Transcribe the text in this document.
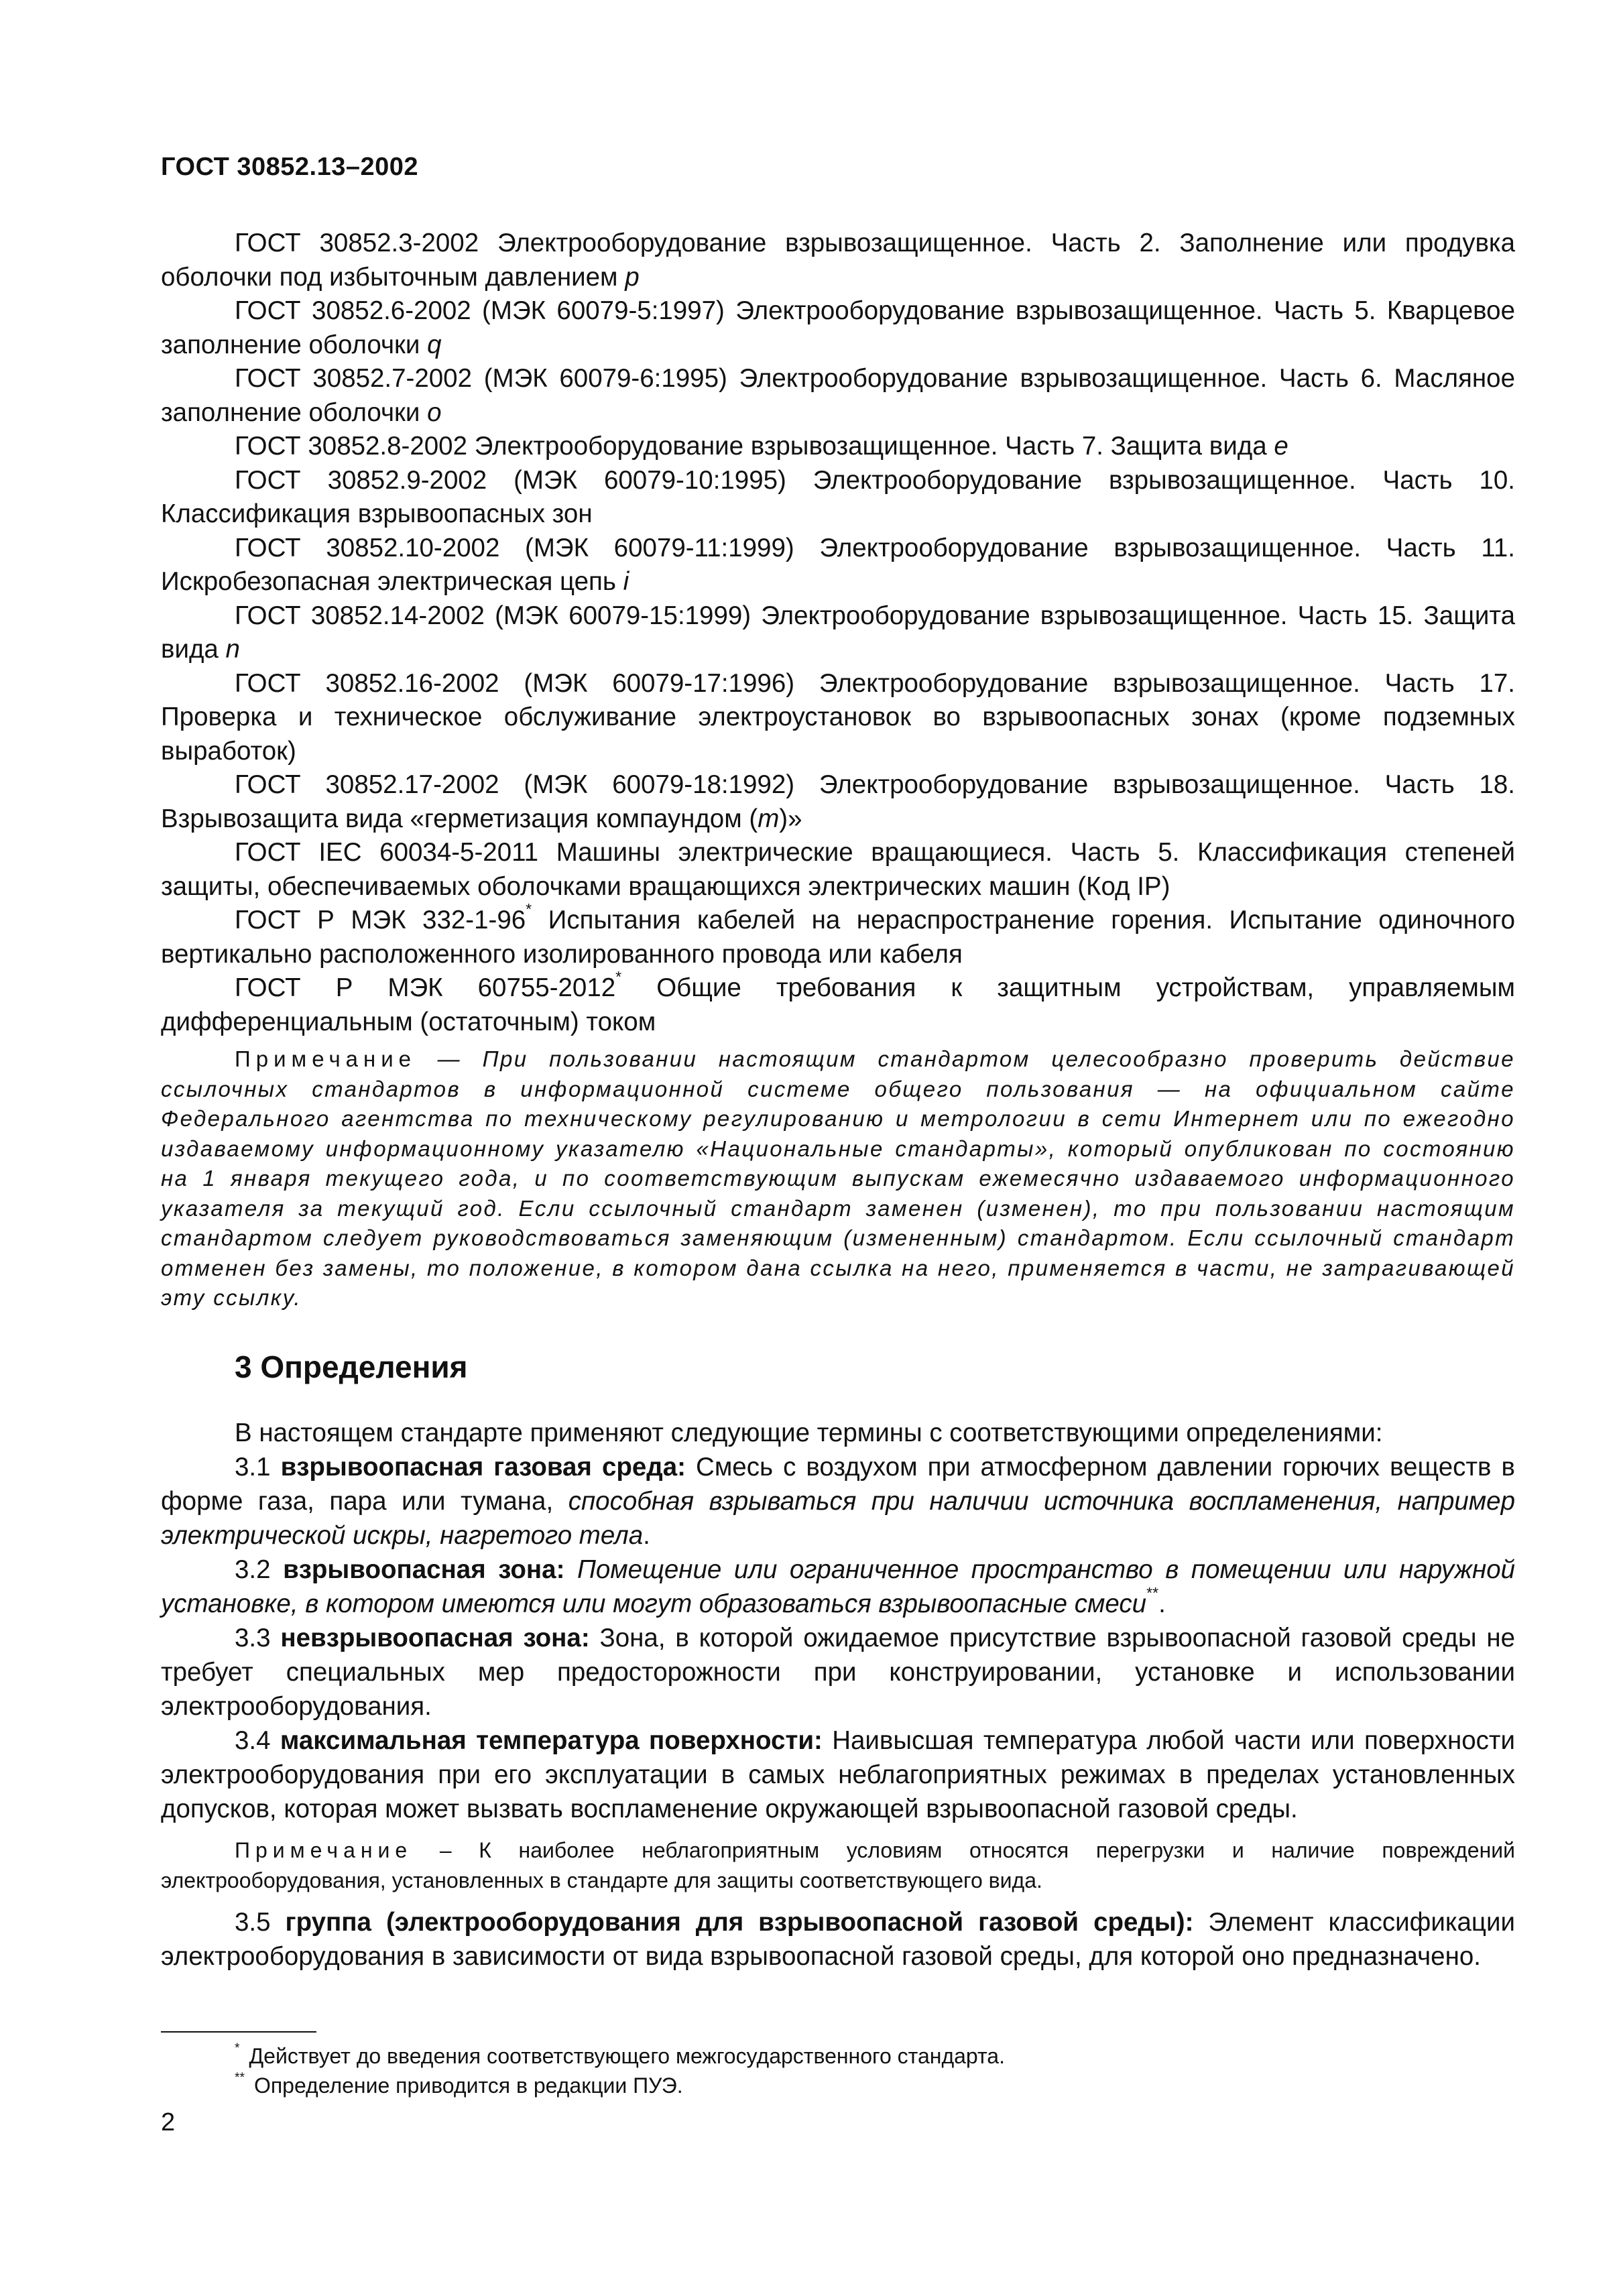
ГОСТ 30852.13–2002

ГОСТ 30852.3-2002 Электрооборудование взрывозащищенное. Часть 2. Заполнение или продувка оболочки под избыточным давлением p

ГОСТ 30852.6-2002 (МЭК 60079-5:1997) Электрооборудование взрывозащищенное. Часть 5. Кварцевое заполнение оболочки q

ГОСТ 30852.7-2002 (МЭК 60079-6:1995) Электрооборудование взрывозащищенное. Часть 6. Масляное заполнение оболочки о

ГОСТ 30852.8-2002 Электрооборудование взрывозащищенное. Часть 7. Защита вида е

ГОСТ 30852.9-2002 (МЭК 60079-10:1995) Электрооборудование взрывозащищенное. Часть 10. Классификация взрывоопасных зон

ГОСТ 30852.10-2002 (МЭК 60079-11:1999) Электрооборудование взрывозащищенное. Часть 11. Искробезопасная электрическая цепь i

ГОСТ 30852.14-2002 (МЭК 60079-15:1999) Электрооборудование взрывозащищенное. Часть 15. Защита вида n

ГОСТ 30852.16-2002 (МЭК 60079-17:1996) Электрооборудование взрывозащищенное. Часть 17. Проверка и техническое обслуживание электроустановок во взрывоопасных зонах (кроме подземных выработок)

ГОСТ 30852.17-2002 (МЭК 60079-18:1992) Электрооборудование взрывозащищенное. Часть 18. Взрывозащита вида «герметизация компаундом (m)»

ГОСТ IEC 60034-5-2011 Машины электрические вращающиеся. Часть 5. Классификация степеней защиты, обеспечиваемых оболочками вращающихся электрических машин (Код IP)

ГОСТ Р МЭК 332-1-96* Испытания кабелей на нераспространение горения. Испытание одиночного вертикально расположенного изолированного провода или кабеля

ГОСТ Р МЭК 60755-2012* Общие требования к защитным устройствам, управляемым дифференциальным (остаточным) током

Примечание — При пользовании настоящим стандартом целесообразно проверить действие ссылочных стандартов в информационной системе общего пользования — на официальном сайте Федерального агентства по техническому регулированию и метрологии в сети Интернет или по ежегодно издаваемому информационному указателю «Национальные стандарты», который опубликован по состоянию на 1 января текущего года, и по соответствующим выпускам ежемесячно издаваемого информационного указателя за текущий год. Если ссылочный стандарт заменен (изменен), то при пользовании настоящим стандартом следует руководствоваться заменяющим (измененным) стандартом. Если ссылочный стандарт отменен без замены, то положение, в котором дана ссылка на него, применяется в части, не затрагивающей эту ссылку.

3 Определения

В настоящем стандарте применяют следующие термины с соответствующими определениями:

3.1 взрывоопасная газовая среда: Смесь с воздухом при атмосферном давлении горючих веществ в форме газа, пара или тумана, способная взрываться при наличии источника воспламенения, например электрической искры, нагретого тела.

3.2 взрывоопасная зона: Помещение или ограниченное пространство в помещении или наружной установке, в котором имеются или могут образоваться взрывоопасные смеси**.

3.3 невзрывоопасная зона: Зона, в которой ожидаемое присутствие взрывоопасной газовой среды не требует специальных мер предосторожности при конструировании, установке и использовании электрооборудования.

3.4 максимальная температура поверхности: Наивысшая температура любой части или поверхности электрооборудования при его эксплуатации в самых неблагоприятных режимах в пределах установленных допусков, которая может вызвать воспламенение окружающей взрывоопасной газовой среды.

Примечание – К наиболее неблагоприятным условиям относятся перегрузки и наличие повреждений электрооборудования, установленных в стандарте для защиты соответствующего вида.

3.5 группа (электрооборудования для взрывоопасной газовой среды): Элемент классификации электрооборудования в зависимости от вида взрывоопасной газовой среды, для которой оно предназначено.

* Действует до введения соответствующего межгосударственного стандарта.

** Определение приводится в редакции ПУЭ.

2
